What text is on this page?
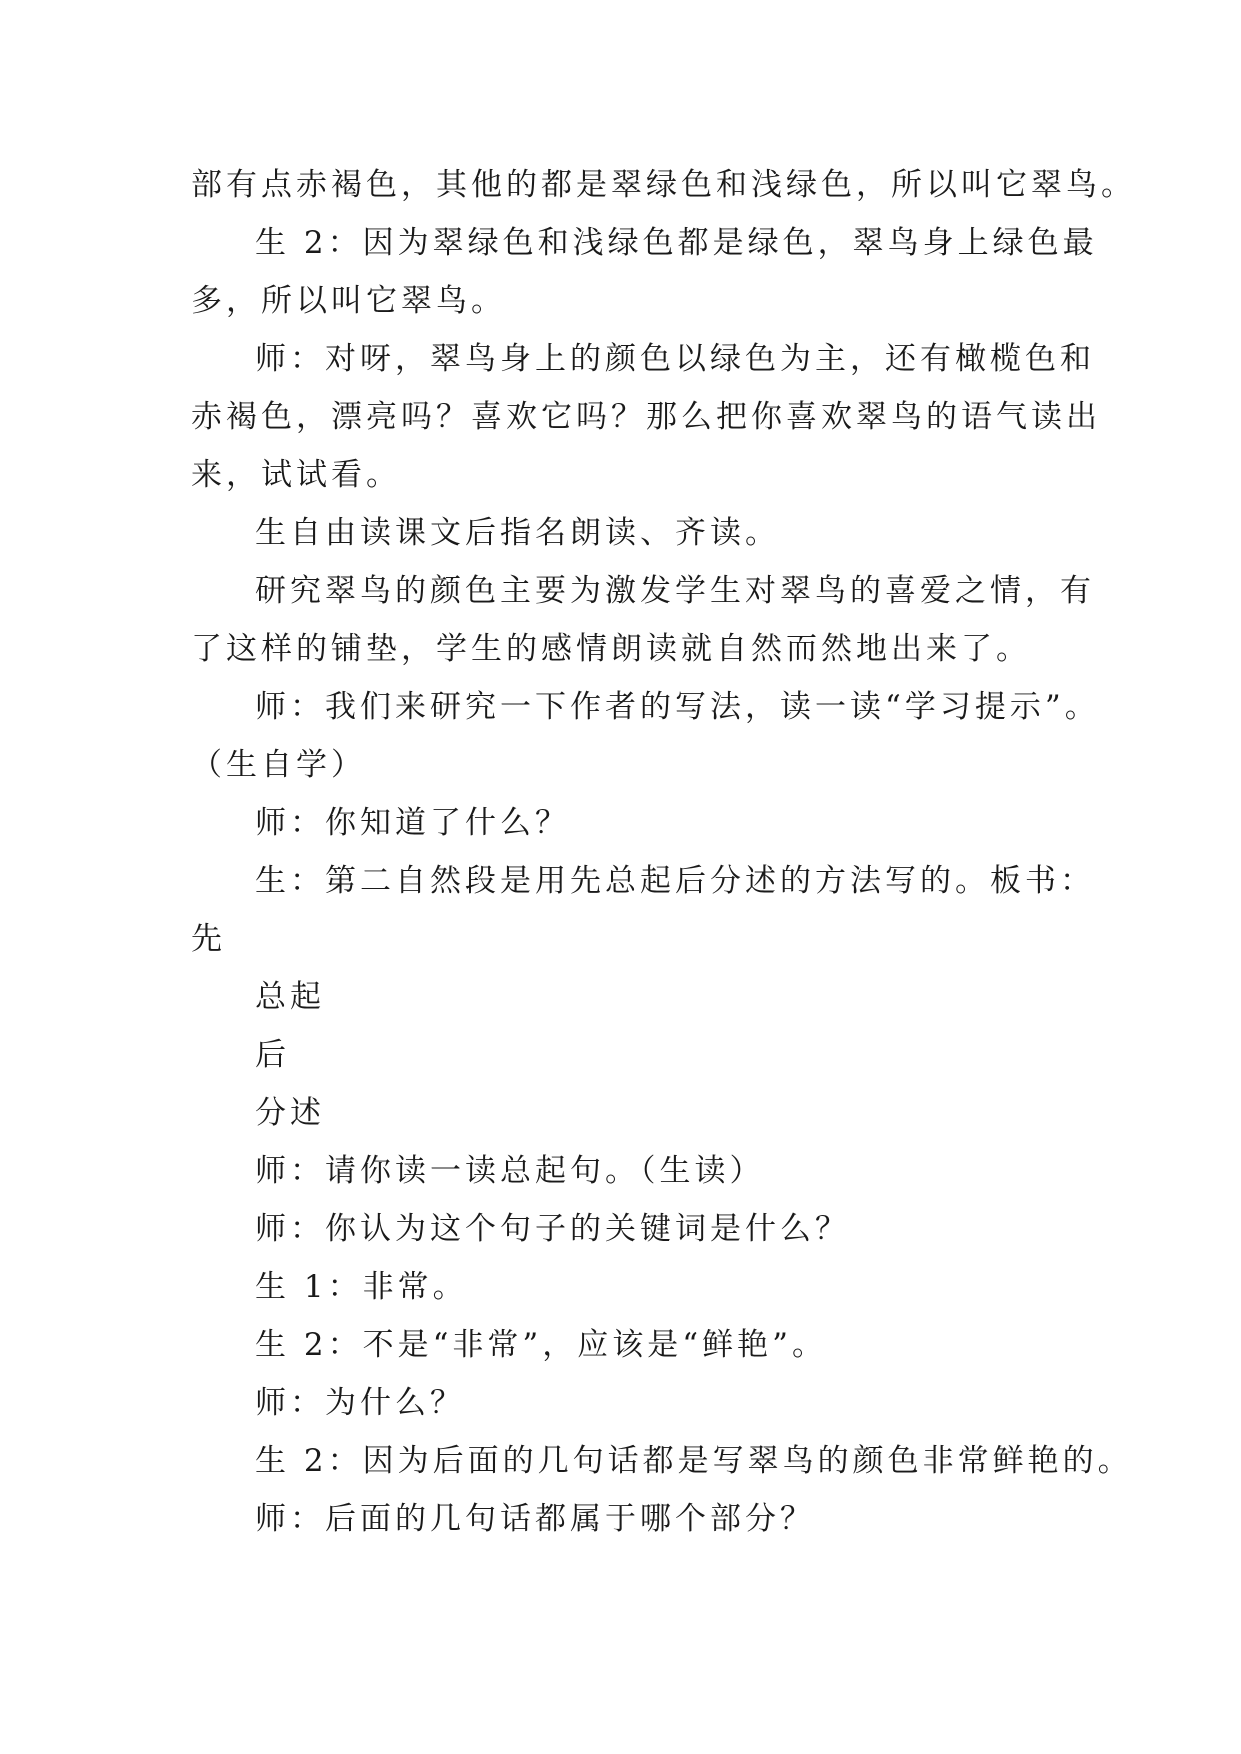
部有点赤褐色，其他的都是翠绿色和浅绿色，所以叫它翠鸟。
生 2：因为翠绿色和浅绿色都是绿色，翠鸟身上绿色最
多，所以叫它翠鸟。
师：对呀，翠鸟身上的颜色以绿色为主，还有橄榄色和
赤褐色，漂亮吗？喜欢它吗？那么把你喜欢翠鸟的语气读出
来，试试看。
生自由读课文后指名朗读、齐读。
研究翠鸟的颜色主要为激发学生对翠鸟的喜爱之情，有
了这样的铺垫，学生的感情朗读就自然而然地出来了。
师：我们来研究一下作者的写法，读一读“学习提示”。
（生自学）
师：你知道了什么？
生：第二自然段是用先总起后分述的方法写的。板书：
先
总起
后
分述
师：请你读一读总起句。（生读）
师：你认为这个句子的关键词是什么？
生 1：非常。
生 2：不是“非常”，应该是“鲜艳”。
师：为什么？
生 2：因为后面的几句话都是写翠鸟的颜色非常鲜艳的。
师：后面的几句话都属于哪个部分？
